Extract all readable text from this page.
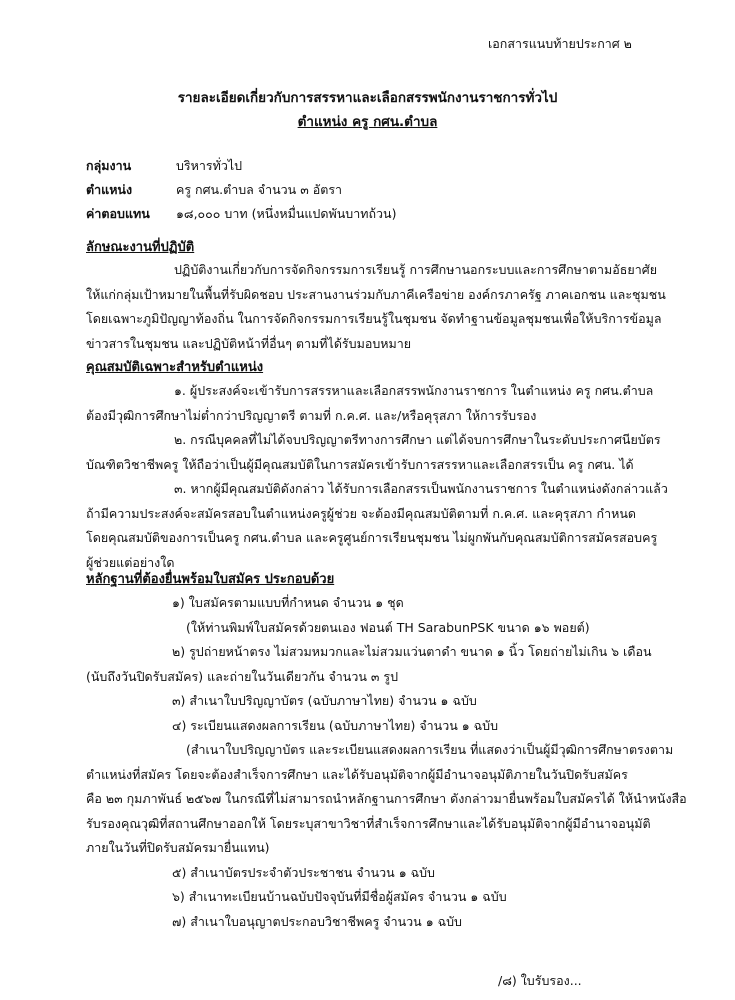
เอกสารแนบท้ายประกาศ ๒
รายละเอียดเกี่ยวกับการสรรหาและเลือกสรรพนักงานราชการทั่วไป
ตำแหน่ง ครู กศน.ตำบล
กลุ่มงาน	บริหารทั่วไป
ตำแหน่ง	ครู กศน.ตำบล จำนวน ๓ อัตรา
ค่าตอบแทน ๑๘,๐๐๐ บาท (หนึ่งหมื่นแปดพันบาทถ้วน)
ลักษณะงานที่ปฏิบัติ

ปฏิบัติงานเกี่ยวกับการจัดกิจกรรมการเรียนรู้ การศึกษานอกระบบและการศึกษาตามอัธยาศัย

ให้แก่กลุ่มเป้าหมายในพื้นที่รับผิดชอบ ประสานงานร่วมกับภาคีเครือข่าย องค์กรภาครัฐ ภาคเอกชน และชุมชน

โดยเฉพาะภูมิปัญญาท้องถิ่น ในการจัดกิจกรรมการเรียนรู้ในชุมชน จัดทำฐานข้อมูลชุมชนเพื่อให้บริการข้อมูล

ข่าวสารในชุมชน และปฏิบัติหน้าที่อื่นๆ ตามที่ได้รับมอบหมาย

คุณสมบัติเฉพาะสำหรับตำแหน่ง

๑. ผู้ประสงค์จะเข้ารับการสรรหาและเลือกสรรพนักงานราชการ ในตำแหน่ง ครู กศน.ตำบล

ต้องมีวุฒิการศึกษาไม่ต่ำกว่าปริญญาตรี ตามที่ ก.ค.ศ. และ/หรือคุรุสภา ให้การรับรอง

๒. กรณีบุคคลที่ไม่ได้จบปริญญาตรีทางการศึกษา แต่ได้จบการศึกษาในระดับประกาศนียบัตร

บัณฑิตวิชาชีพครู ให้ถือว่าเป็นผู้มีคุณสมบัติในการสมัครเข้ารับการสรรหาและเลือกสรรเป็น ครู กศน. ได้

๓. หากผู้มีคุณสมบัติดังกล่าว ได้รับการเลือกสรรเป็นพนักงานราชการ ในตำแหน่งดังกล่าวแล้ว

ถ้ามีความประสงค์จะสมัครสอบในตำแหน่งครูผู้ช่วย จะต้องมีคุณสมบัติตามที่ ก.ค.ศ. และคุรุสภา กำหนด

โดยคุณสมบัติของการเป็นครู กศน.ตำบล และครูศูนย์การเรียนชุมชน ไม่ผูกพันกับคุณสมบัติการสมัครสอบครู

ผู้ช่วยแต่อย่างใด

หลักฐานที่ต้องยื่นพร้อมใบสมัคร ประกอบด้วย

๑) ใบสมัครตามแบบที่กำหนด จำนวน ๑ ชุด

(ให้ท่านพิมพ์ใบสมัครด้วยตนเอง ฟอนต์ TH SarabunPSK ขนาด ๑๖ พอยต์)

๒) รูปถ่ายหน้าตรง ไม่สวมหมวกและไม่สวมแว่นตาดำ ขนาด ๑ นิ้ว โดยถ่ายไม่เกิน ๖ เดือน

(นับถึงวันปิดรับสมัคร) และถ่ายในวันเดียวกัน จำนวน ๓ รูป

๓) สำเนาใบปริญญาบัตร (ฉบับภาษาไทย) จำนวน ๑ ฉบับ

๔) ระเบียนแสดงผลการเรียน (ฉบับภาษาไทย) จำนวน ๑ ฉบับ

(สำเนาใบปริญญาบัตร และระเบียนแสดงผลการเรียน ที่แสดงว่าเป็นผู้มีวุฒิการศึกษาตรงตาม

ตำแหน่งที่สมัคร โดยจะต้องสำเร็จการศึกษา และได้รับอนุมัติจากผู้มีอำนาจอนุมัติภายในวันปิดรับสมัคร

คือ ๒๓ กุมภาพันธ์ ๒๕๖๗ ในกรณีที่ไม่สามารถนำหลักฐานการศึกษา ดังกล่าวมายื่นพร้อมใบสมัครได้ ให้นำหนังสือ

รับรองคุณวุฒิที่สถานศึกษาออกให้ โดยระบุสาขาวิชาที่สำเร็จการศึกษาและได้รับอนุมัติจากผู้มีอำนาจอนุมัติ

ภายในวันที่ปิดรับสมัครมายื่นแทน)

๕) สำเนาบัตรประจำตัวประชาชน จำนวน ๑ ฉบับ

๖) สำเนาทะเบียนบ้านฉบับปัจจุบันที่มีชื่อผู้สมัคร จำนวน ๑ ฉบับ

๗) สำเนาใบอนุญาตประกอบวิชาชีพครู จำนวน ๑ ฉบับ

/๘) ใบรับรอง...
